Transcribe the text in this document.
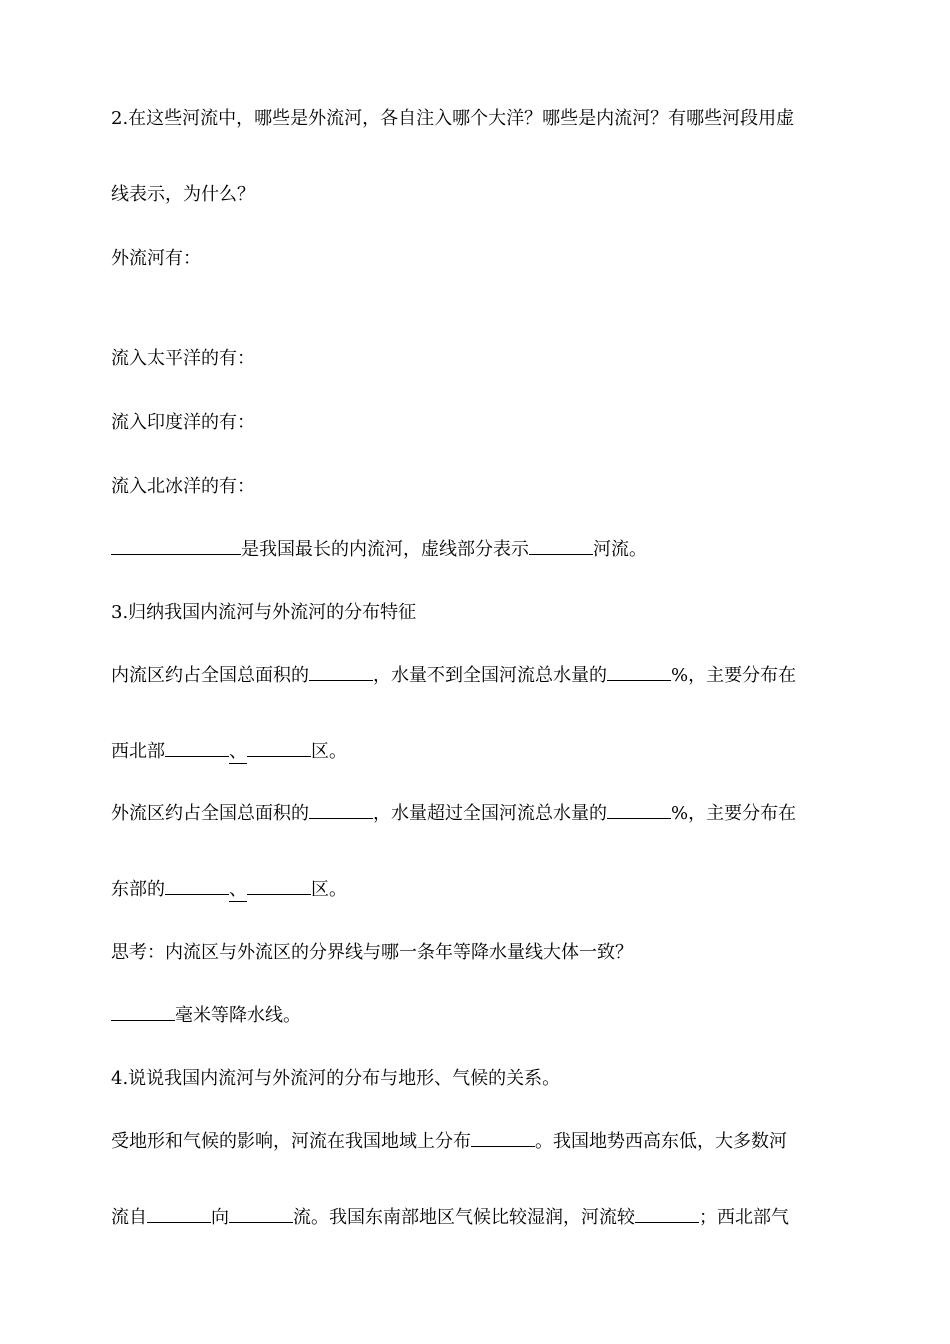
2.在这些河流中，哪些是外流河，各自注入哪个大洋？哪些是内流河？有哪些河段用虚
线表示，为什么？
外流河有：
流入太平洋的有：
流入印度洋的有：
流入北冰洋的有：
是我国最长的内流河，虚线部分表示	河流。
3.归纳我国内流河与外流河的分布特征
内流区约占全国总面积的	，水量不到全国河流总水量的	%，主要分布在
西北部	、	区。
外流区约占全国总面积的	，水量超过全国河流总水量的	%，主要分布在
东部的	、	区。
思考：内流区与外流区的分界线与哪一条年等降水量线大体一致？
毫米等降水线。
4.说说我国内流河与外流河的分布与地形、气候的关系。
受地形和气候的影响，河流在我国地域上分布	。我国地势西高东低，大多数河
流自	向	流。我国东南部地区气候比较湿润，河流较	；西北部气
